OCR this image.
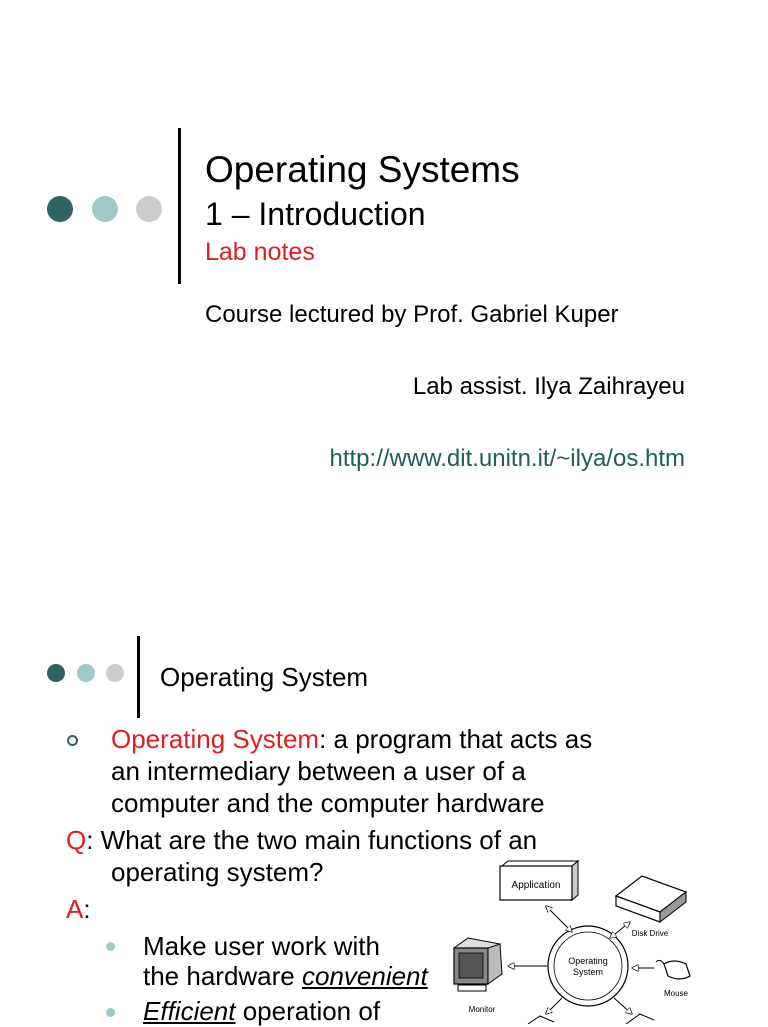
Operating Systems
1 – Introduction
Lab notes
Course lectured by Prof. Gabriel Kuper
Lab assist. Ilya Zaihrayeu
http://www.dit.unitn.it/~ilya/os.htm
Operating System
Operating System: a program that acts as
an intermediary between a user of a
computer and the computer hardware
Q: What are the two main functions of an
operating system?
A:
Make user work with
the hardware convenient
Efficient operation of
Application
Disk Drive
Operating
System
Monitor
Mouse
